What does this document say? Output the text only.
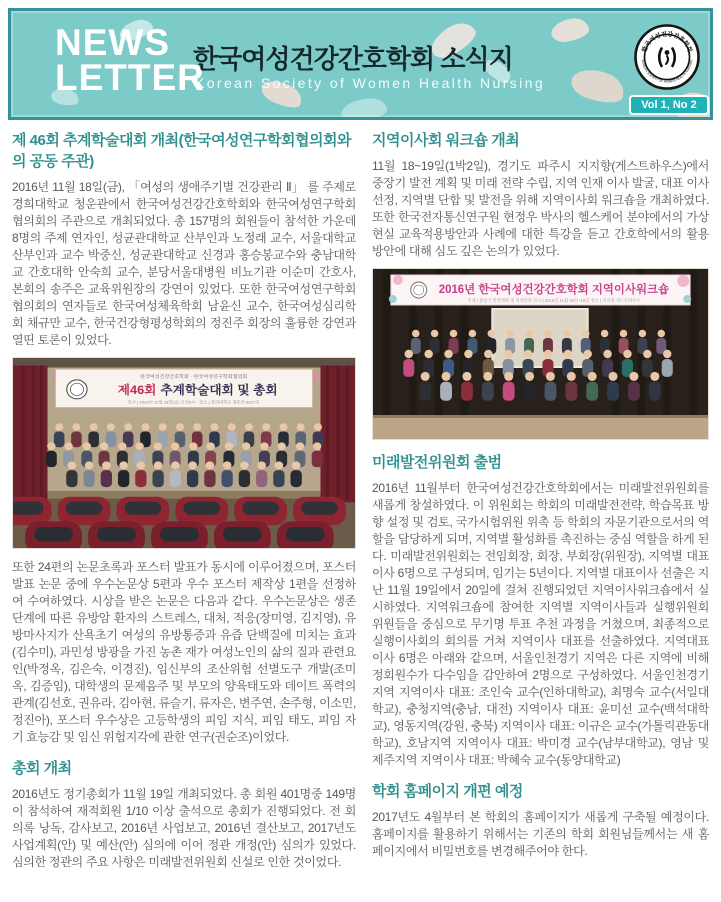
NEWS
LETTER
한국여성건강간호학회 소식지
Korean Society of Women Health Nursing
한국여성건강간호학회
KOREAN SOCIETY OF WOMEN HEALTH NURSING
Vol 1, No 2
제 46회 추계학술대회 개최(한국여성연구학회협의회와의 공동 주관)

2016년 11월 18일(금), 「여성의 생애주기별 건강관리 Ⅱ」 를 주제로 경희대학교 청운관에서 한국여성건강간호학회와 한국여성연구학회협의회의 주관으로 개최되었다. 총 157명의 회원들이 참석한 가운데 8명의 주제 연자인, 성균관대학교 산부인과 노정래 교수, 서울대학교 산부인과 교수 박중신, 성균관대학교 신경과 홍승봉교수와 충남대학교 간호대학 안숙희 교수, 분당서울대병원 비뇨기관 이순미 간호사, 본회의 송주은 교육위원장의 강연이 있었다. 또한 한국여성연구학회협의회의 연자들로 한국여성체육학회 남윤신 교수, 한국여성심리학회 채규만 교수, 한국건강형평성학회의 정진주 회장의 훌륭한 강연과 열띤 토론이 있었다.

한국여성건강간호학회 · 한국여성연구학회협의회
제46회 추계학술대회 및 총회
일시 | 2016년 11월 18일(금) 오전9시 · 장소 | 경희대학교 청운관 B117호

또한 24편의 논문초록과 포스터 발표가 동시에 이루어졌으며, 포스터 발표 논문 중에 우수논문상 5편과 우수 포스터 제작상 1편을 선정하여 수여하였다. 시상을 받은 논문은 다음과 같다. 우수논문상은 생존단계에 따른 유방암 환자의 스트레스, 대처, 적응(장미영, 김지영), 유방마사지가 산욕초기 여성의 유방통증과 유즙 단백질에 미치는 효과(김수미), 과민성 방광을 가진 농촌 재가 여성노인의 삶의 질과 관련요인(박정옥, 김은숙, 이경진), 임신부의 조산위험 선별도구 개발(조미옥, 김증임), 대학생의 문제음주 및 부모의 양육태도와 데이트 폭력의 관계(김선호, 권유라, 김아현, 류슬기, 류자은, 변주연, 손주형, 이소민, 정진아), 포스터 우수상은 고등학생의 피임 지식, 피임 태도, 피임 자기 효능감 및 임신 위험지각에 관한 연구(권순조)이었다.

총회 개최

2016년도 정기총회가 11월 19일 개최되었다. 총 회원 401명중 149명이 참석하여 재적회원 1/10 이상 출석으로 총회가 진행되었다. 전 회의록 낭독, 감사보고, 2016년 사업보고, 2016년 결산보고, 2017년도 사업계획(안) 및 예산(안) 심의에 이어 정관 개정(안) 심의가 있었다. 심의한 정관의 주요 사항은 미래발전위원회 신설로 인한 것이었다.

지역이사회 워크숍 개최

11월 18~19일(1박2일), 경기도 파주시 지지향(게스트하우스)에서 중장기 발전 계획 및 미래 전략 수립, 지역 인재 이사 발굴, 대표 이사 선정, 지역별 단합 및 발전을 위해 지역이사회 워크숍을 개최하였다. 또한 한국전자통신연구원 현정우 박사의 헬스케어 분야에서의 가상현실 교육적용방안과 사례에 대한 특강을 듣고 간호학에서의 활용방안에 대해 심도 깊은 논의가 있었다.

2016년 한국여성건강간호학회 지역이사워크숍
주제 | 중장기 발전계획 및 미래전략 일시 | 2016년 11월 18일~19일 장소 | 지지향 게스트하우스
미래발전위원회 출범

2016년 11월부터 한국여성건강간호학회에서는 미래발전위원회를 새롭게 창설하였다. 이 위원회는 학회의 미래발전전략, 학습목표 방향 설정 및 검토, 국가시험위원 위촉 등 학회의 자문기관으로서의 역할을 담당하게 되며, 지역별 활성화를 촉진하는 중심 역할을 하게 된다. 미래발전위원회는 전임회장, 회장, 부회장(위원장), 지역별 대표이사 6명으로 구성되며, 임기는 5년이다. 지역별 대표이사 선출은 지난 11월 19일에서 20일에 걸쳐 진행되었던 지역이사워크숍에서 실시하였다. 지역워크숍에 참여한 지역별 지역이사들과 실행위원회 위원들을 중심으로 무기명 투표 추천 과정을 거쳤으며, 최종적으로 실행이사회의 회의를 거쳐 지역이사 대표를 선출하였다. 지역대표 이사 6명은 아래와 같으며, 서울인천경기 지역은 다른 지역에 비해 정회원수가 다수임을 감안하여 2명으로 구성하였다. 서울인천경기지역 지역이사 대표: 조인숙 교수(인하대학교), 최명숙 교수(서일대학교), 충청지역(충남, 대전) 지역이사 대표: 윤미선 교수(백석대학교), 영동지역(강원, 충북) 지역이사 대표: 이규은 교수(가톨릭관동대학교), 호남지역 지역이사 대표: 박미경 교수(남부대학교), 영남 및 제주지역 지역이사 대표: 박혜숙 교수(동양대학교)

학회 홈페이지 개편 예정

2017년도 4월부터 본 학회의 홈페이지가 새롭게 구축될 예정이다. 홈페이지를 활용하기 위해서는 기존의 학회 회원님들께서는 새 홈페이지에서 비밀번호를 변경해주어야 한다.
